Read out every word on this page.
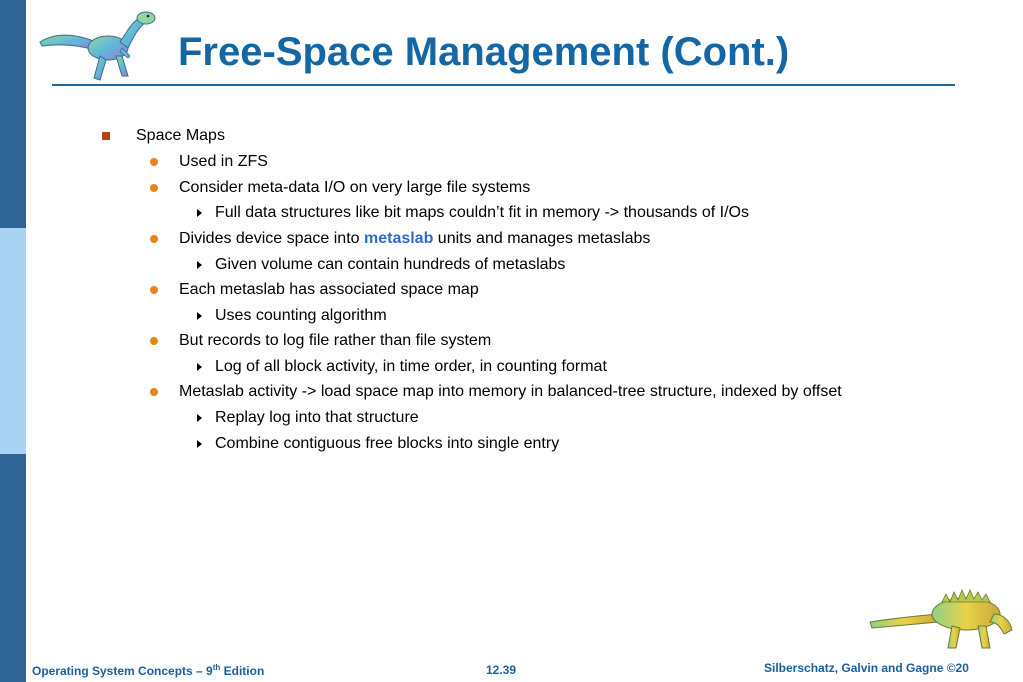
Free-Space Management (Cont.)
Space Maps
Used in ZFS
Consider meta-data I/O on very large file systems
Full data structures like bit maps couldn’t fit in memory -> thousands of I/Os
Divides device space into metaslab units and manages metaslabs
Given volume can contain hundreds of metaslabs
Each metaslab has associated space map
Uses counting algorithm
But records to log file rather than file system
Log of all block activity, in time order, in counting format
Metaslab activity -> load space map into memory in balanced-tree structure, indexed by offset
Replay log into that structure
Combine contiguous free blocks into single entry
Operating System Concepts – 9th Edition	12.39	Silberschatz, Galvin and Gagne ©20
